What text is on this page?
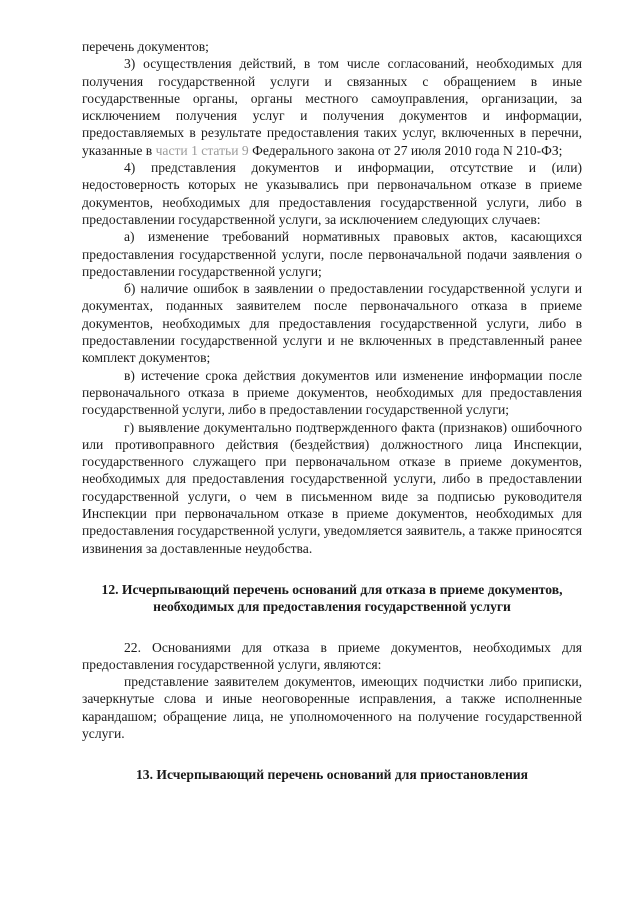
перечень документов;

3) осуществления действий, в том числе согласований, необходимых для получения государственной услуги и связанных с обращением в иные государственные органы, органы местного самоуправления, организации, за исключением получения услуг и получения документов и информации, предоставляемых в результате предоставления таких услуг, включенных в перечни, указанные в части 1 статьи 9 Федерального закона от 27 июля 2010 года N 210-ФЗ;

4) представления документов и информации, отсутствие и (или) недостоверность которых не указывались при первоначальном отказе в приеме документов, необходимых для предоставления государственной услуги, либо в предоставлении государственной услуги, за исключением следующих случаев:

а) изменение требований нормативных правовых актов, касающихся предоставления государственной услуги, после первоначальной подачи заявления о предоставлении государственной услуги;

б) наличие ошибок в заявлении о предоставлении государственной услуги и документах, поданных заявителем после первоначального отказа в приеме документов, необходимых для предоставления государственной услуги, либо в предоставлении государственной услуги и не включенных в представленный ранее комплект документов;

в) истечение срока действия документов или изменение информации после первоначального отказа в приеме документов, необходимых для предоставления государственной услуги, либо в предоставлении государственной услуги;

г) выявление документально подтвержденного факта (признаков) ошибочного или противоправного действия (бездействия) должностного лица Инспекции, государственного служащего при первоначальном отказе в приеме документов, необходимых для предоставления государственной услуги, либо в предоставлении государственной услуги, о чем в письменном виде за подписью руководителя Инспекции при первоначальном отказе в приеме документов, необходимых для предоставления государственной услуги, уведомляется заявитель, а также приносятся извинения за доставленные неудобства.

12. Исчерпывающий перечень оснований для отказа в приеме документов, необходимых для предоставления государственной услуги

22. Основаниями для отказа в приеме документов, необходимых для предоставления государственной услуги, являются:

представление заявителем документов, имеющих подчистки либо приписки, зачеркнутые слова и иные неоговоренные исправления, а также исполненные карандашом; обращение лица, не уполномоченного на получение государственной услуги.

13. Исчерпывающий перечень оснований для приостановления
